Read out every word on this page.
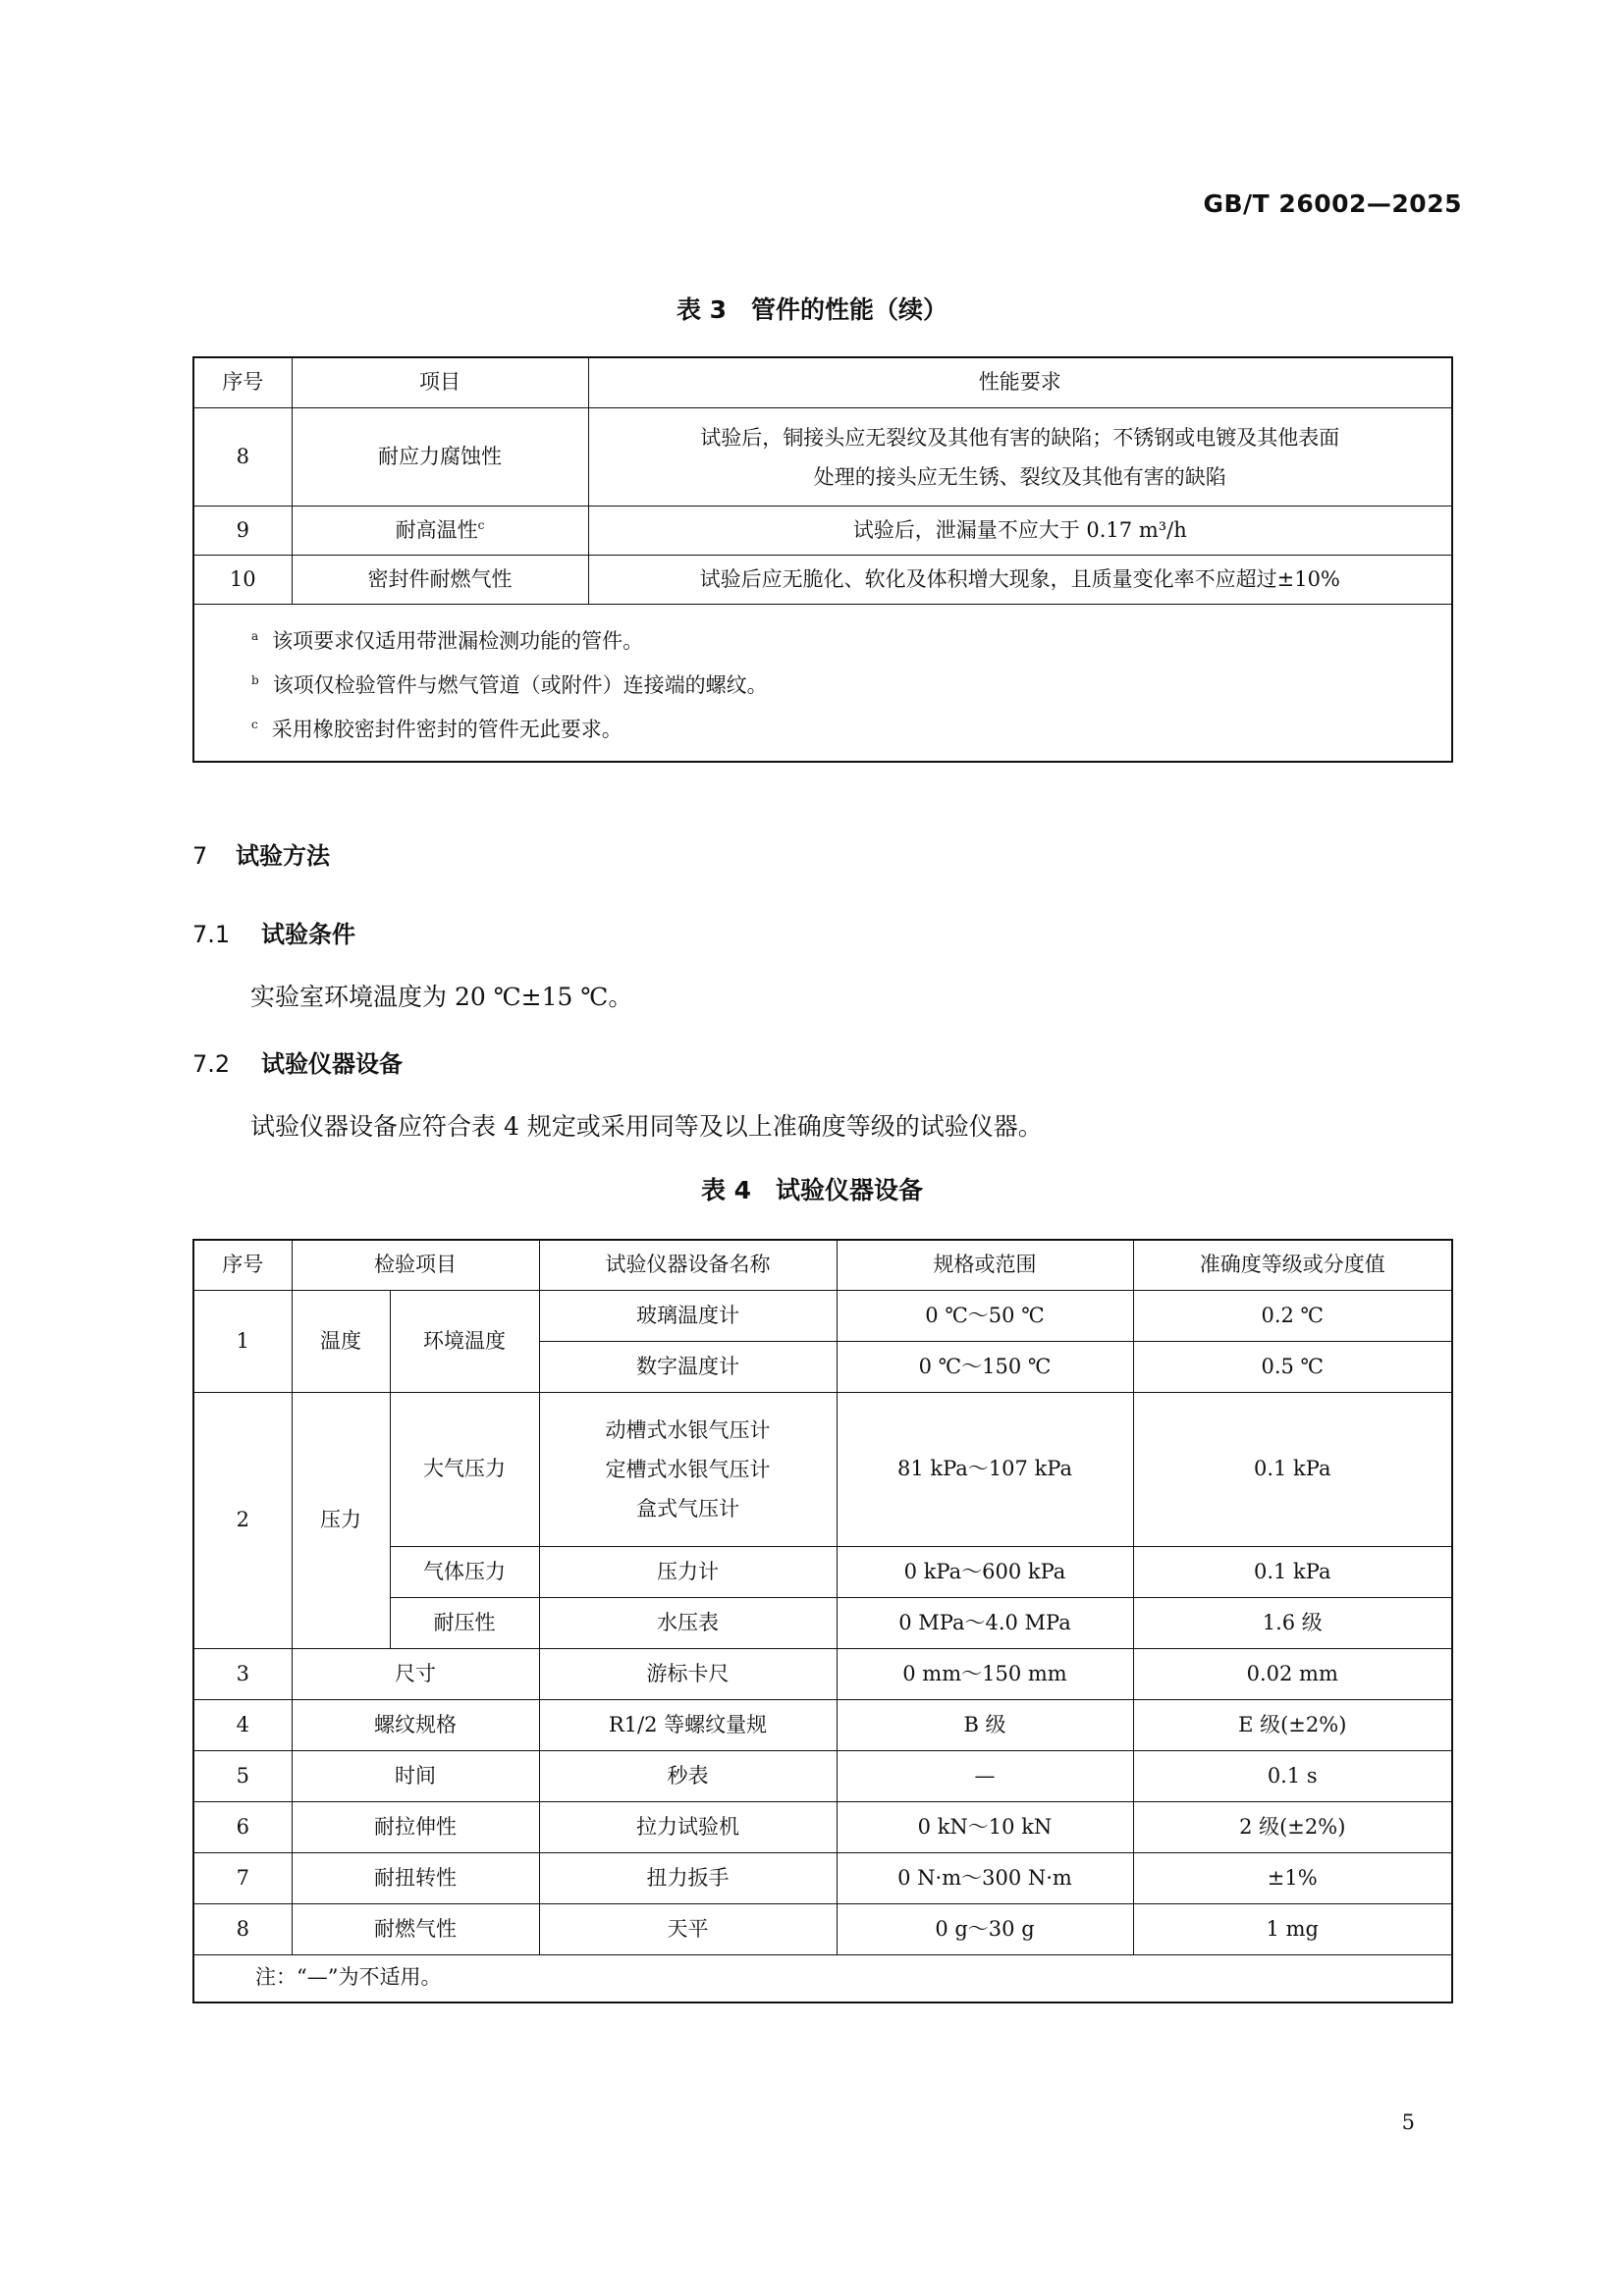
GB/T 26002—2025
表 3　管件的性能（续）
序号	项目	性能要求
8	耐应力腐蚀性	试验后，铜接头应无裂纹及其他有害的缺陷；不锈钢或电镀及其他表面
处理的接头应无生锈、裂纹及其他有害的缺陷

9	耐高温性$^c$	试验后，泄漏量不应大于 0.17 m³/h
10	密封件耐燃气性	试验后应无脆化、软化及体积增大现象，且质量变化率不应超过±10%

$^a$ 该项要求仅适用带泄漏检测功能的管件。
$^b$ 该项仅检验管件与燃气管道（或附件）连接端的螺纹。
$^c$ 采用橡胶密封件密封的管件无此要求。		
7 试验方法
7.1 试验条件
实验室环境温度为 20 ℃±15 ℃。
7.2 试验仪器设备
试验仪器设备应符合表 4 规定或采用同等及以上准确度等级的试验仪器。
表 4　试验仪器设备
序号	检验项目		试验仪器设备名称	规格或范围	准确度等级或分度值
1	温度	环境温度	玻璃温度计	0 ℃～50 ℃	0.2 ℃
			数字温度计	0 ℃～150 ℃	0.5 ℃
2	压力	大气压力	动槽式水银气压计
定槽式水银气压计
盒式气压计	81 kPa～107 kPa	0.1 kPa
		气体压力	压力计	0 kPa～600 kPa	0.1 kPa
		耐压性	水压表	0 MPa～4.0 MPa	1.6 级
3	尺寸		游标卡尺	0 mm～150 mm	0.02 mm
4	螺纹规格		R1/2 等螺纹量规	B 级	E 级(±2%)
5	时间		秒表	—	0.1 s
6	耐拉伸性		拉力试验机	0 kN～10 kN	2 级(±2%)
7	耐扭转性		扭力扳手	0 N·m～300 N·m	±1%
8	耐燃气性		天平	0 g～30 g	1 mg
注：“—”为不适用。					
5
